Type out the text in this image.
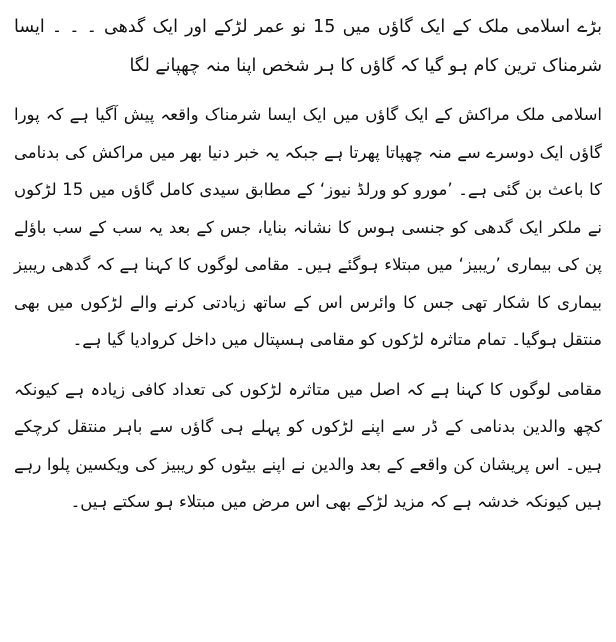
بڑے اسلامی ملک کے ایک گاؤں میں 15 نو عمر لڑکے اور ایک گدھی ۔ ۔ ۔ ایسا شرمناک ترین کام ہو گیا کہ گاؤں کا ہر شخص اپنا منہ چھپانے لگا

اسلامی ملک مراکش کے ایک گاؤں میں ایک ایسا شرمناک واقعہ پیش آگیا ہے کہ پورا گاؤں ایک دوسرے سے منہ چھپاتا پھرتا ہے جبکہ یہ خبر دنیا بھر میں مراکش کی بدنامی کا باعث بن گئی ہے۔ ’مورو کو ورلڈ نیوز‘ کے مطابق سیدی کامل گاؤں میں 15 لڑکوں نے ملکر ایک گدھی کو جنسی ہوس کا نشانہ بنایا، جس کے بعد یہ سب کے سب باؤلے پن کی بیماری ’ریبیز‘ میں مبتلاء ہوگئے ہیں۔ مقامی لوگوں کا کہنا ہے کہ گدھی ریبیز بیماری کا شکار تھی جس کا وائرس اس کے ساتھ زیادتی کرنے والے لڑکوں میں بھی منتقل ہوگیا۔ تمام متاثرہ لڑکوں کو مقامی ہسپتال میں داخل کروادیا گیا ہے۔

مقامی لوگوں کا کہنا ہے کہ اصل میں متاثرہ لڑکوں کی تعداد کافی زیادہ ہے کیونکہ کچھ والدین بدنامی کے ڈر سے اپنے لڑکوں کو پہلے ہی گاؤں سے باہر منتقل کرچکے ہیں۔ اس پریشان کن واقعے کے بعد والدین نے اپنے بیٹوں کو ریبیز کی ویکسین پلوا رہے ہیں کیونکہ خدشہ ہے کہ مزید لڑکے بھی اس مرض میں مبتلاء ہو سکتے ہیں۔
